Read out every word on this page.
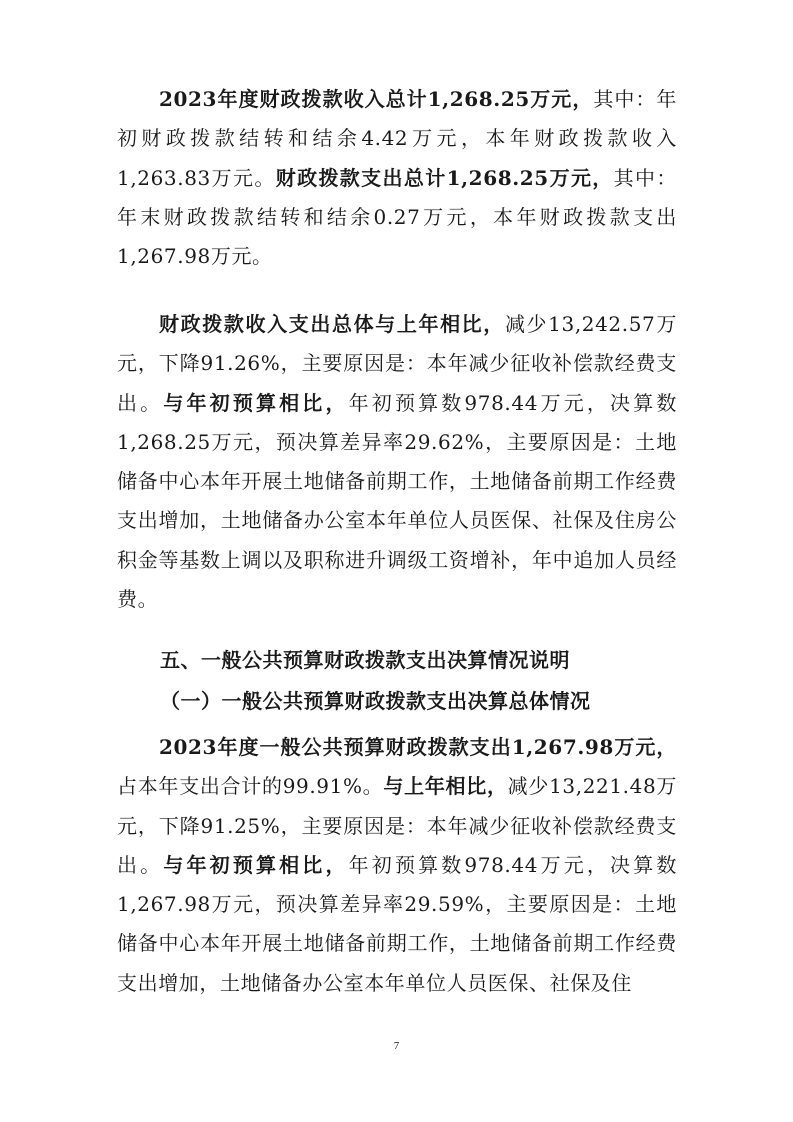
2023年度财政拨款收入总计1,268.25万元，其中：年初财政拨款结转和结余4.42万元，本年财政拨款收入1,263.83万元。财政拨款支出总计1,268.25万元，其中：年末财政拨款结转和结余0.27万元，本年财政拨款支出1,267.98万元。

财政拨款收入支出总体与上年相比，减少13,242.57万元，下降91.26%，主要原因是：本年减少征收补偿款经费支出。与年初预算相比，年初预算数978.44万元，决算数1,268.25万元，预决算差异率29.62%，主要原因是：土地储备中心本年开展土地储备前期工作，土地储备前期工作经费支出增加，土地储备办公室本年单位人员医保、社保及住房公积金等基数上调以及职称进升调级工资增补，年中追加人员经费。

五、一般公共预算财政拨款支出决算情况说明
（一）一般公共预算财政拨款支出决算总体情况

2023年度一般公共预算财政拨款支出1,267.98万元，占本年支出合计的99.91%。与上年相比，减少13,221.48万元，下降91.25%，主要原因是：本年减少征收补偿款经费支出。与年初预算相比，年初预算数978.44万元，决算数1,267.98万元，预决算差异率29.59%，主要原因是：土地储备中心本年开展土地储备前期工作，土地储备前期工作经费支出增加，土地储备办公室本年单位人员医保、社保及住

7
